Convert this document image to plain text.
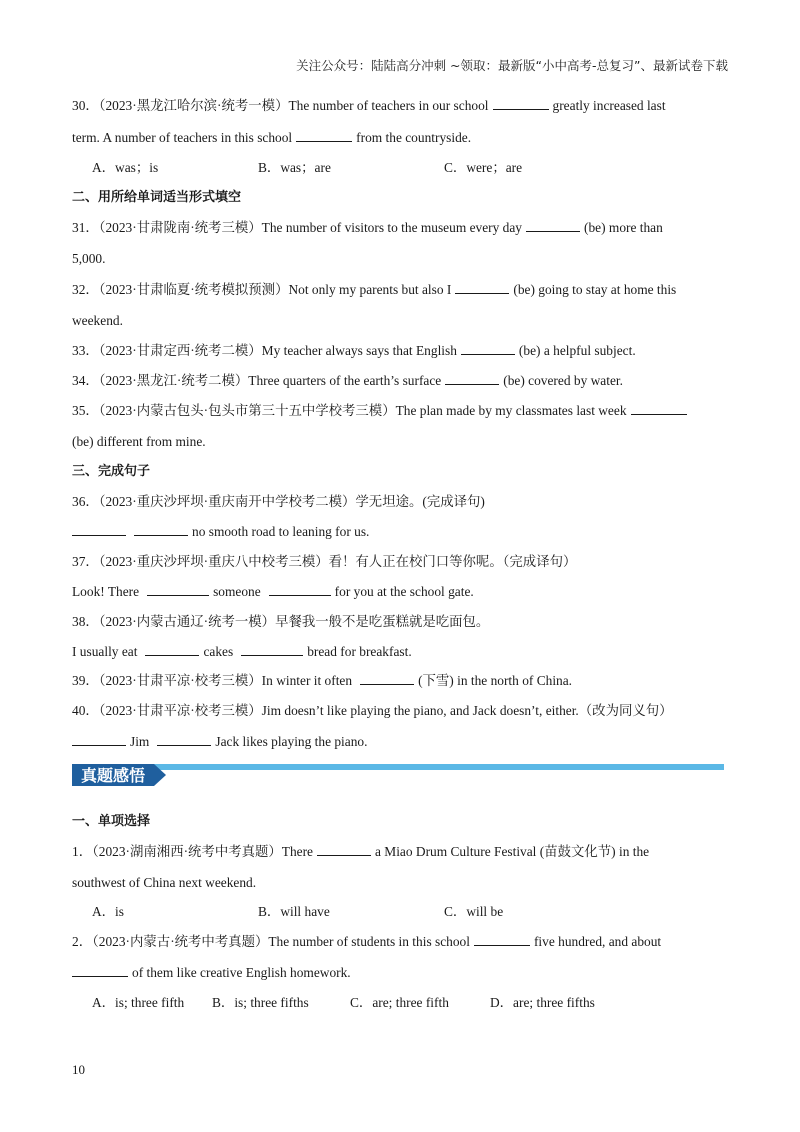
关注公众号：陆陆高分冲刺 ~领取：最新版“小中高考-总复习”、最新试卷下载
30．（2023·黑龙江哈尔滨·统考一模）The number of teachers in our school	greatly increased last
term. A number of teachers in this school	from the countryside.
A．was；is	B．was；are	C．were；are
二、用所给单词适当形式填空
31．（2023·甘肃陇南·统考三模）The number of visitors to the museum every day	(be) more than
5,000.
32．（2023·甘肃临夏·统考模拟预测）Not only my parents but also I	(be) going to stay at home this
weekend.
33．（2023·甘肃定西·统考二模）My teacher always says that English	(be) a helpful subject.
34．（2023·黑龙江·统考二模）Three quarters of the earth’s surface	(be) covered by water.
35．（2023·内蒙古包头·包头市第三十五中学校考三模）The plan made by my classmates last week
(be) different from mine.
三、完成句子
36．（2023·重庆沙坪坝·重庆南开中学校考二模）学无坦途。(完成译句)
no smooth road to leaning for us.
37．（2023·重庆沙坪坝·重庆八中校考三模）看！有人正在校门口等你呢。（完成译句）
Look! There	someone	for you at the school gate.
38．（2023·内蒙古通辽·统考一模）早餐我一般不是吃蛋糕就是吃面包。
I usually eat	cakes	bread for breakfast.
39．（2023·甘肃平凉·校考三模）In winter it often	(下雪) in the north of China.
40．（2023·甘肃平凉·校考三模）Jim doesn’t like playing the piano, and Jack doesn’t, either.（改为同义句）
Jim	Jack likes playing the piano.
真题感悟
一、单项选择
1．（2023·湖南湘西·统考中考真题）There	a Miao Drum Culture Festival (苗鼓文化节) in the
southwest of China next weekend.
A．is	B．will have	C．will be
2．（2023·内蒙古·统考中考真题）The number of students in this school	five hundred, and about
of them like creative English homework.
A．is; three fifth B．is; three fifths	C．are; three fifth	D．are; three fifths
10
